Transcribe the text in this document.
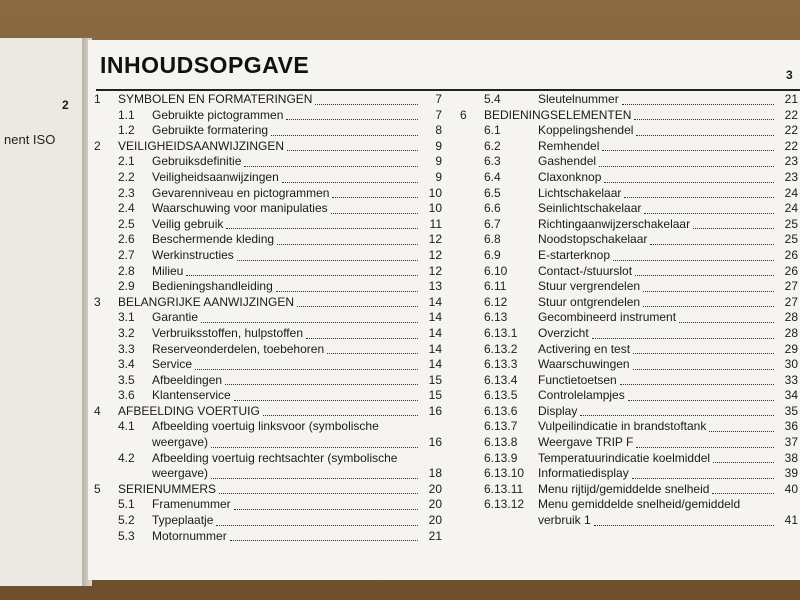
2
nent ISO
INHOUDSOPGAVE	3
1	SYMBOLEN EN FORMATERINGEN	7
1.1	Gebruikte pictogrammen	7
1.2	Gebruikte formatering	8
2	VEILIGHEIDSAANWIJZINGEN	9
2.1	Gebruiksdefinitie	9
2.2	Veiligheidsaanwijzingen	9
2.3	Gevarenniveau en pictogrammen	10
2.4	Waarschuwing voor manipulaties	10
2.5	Veilig gebruik	11
2.6	Beschermende kleding	12
2.7	Werkinstructies	12
2.8	Milieu	12
2.9	Bedieningshandleiding	13
3	BELANGRIJKE AANWIJZINGEN	14
3.1	Garantie	14
3.2	Verbruiksstoffen, hulpstoffen	14
3.3	Reserveonderdelen, toebehoren	14
3.4	Service	14
3.5	Afbeeldingen	15
3.6	Klantenservice	15
4	AFBEELDING VOERTUIG	16
4.1	Afbeelding voertuig linksvoor (symbolische
weergave)	16
4.2	Afbeelding voertuig rechtsachter (symbolische
weergave)	18
5	SERIENUMMERS	20
5.1	Framenummer	20
5.2	Typeplaatje	20
5.3	Motornummer	21
5.4	Sleutelnummer	21
6	BEDIENINGSELEMENTEN	22
6.1	Koppelingshendel	22
6.2	Remhendel	22
6.3	Gashendel	23
6.4	Claxonknop	23
6.5	Lichtschakelaar	24
6.6	Seinlichtschakelaar	24
6.7	Richtingaanwijzerschakelaar	25
6.8	Noodstopschakelaar	25
6.9	E-starterknop	26
6.10	Contact-/stuurslot	26
6.11	Stuur vergrendelen	27
6.12	Stuur ontgrendelen	27
6.13	Gecombineerd instrument	28
6.13.1	Overzicht	28
6.13.2	Activering en test	29
6.13.3	Waarschuwingen	30
6.13.4	Functietoetsen	33
6.13.5	Controlelampjes	34
6.13.6	Display	35
6.13.7	Vulpeilindicatie in brandstoftank	36
6.13.8	Weergave TRIP F	37
6.13.9	Temperatuurindicatie koelmiddel	38
6.13.10	Informatiedisplay	39
6.13.11	Menu rijtijd/gemiddelde snelheid	40
6.13.12	Menu gemiddelde snelheid/gemiddeld
verbruik 1	41
